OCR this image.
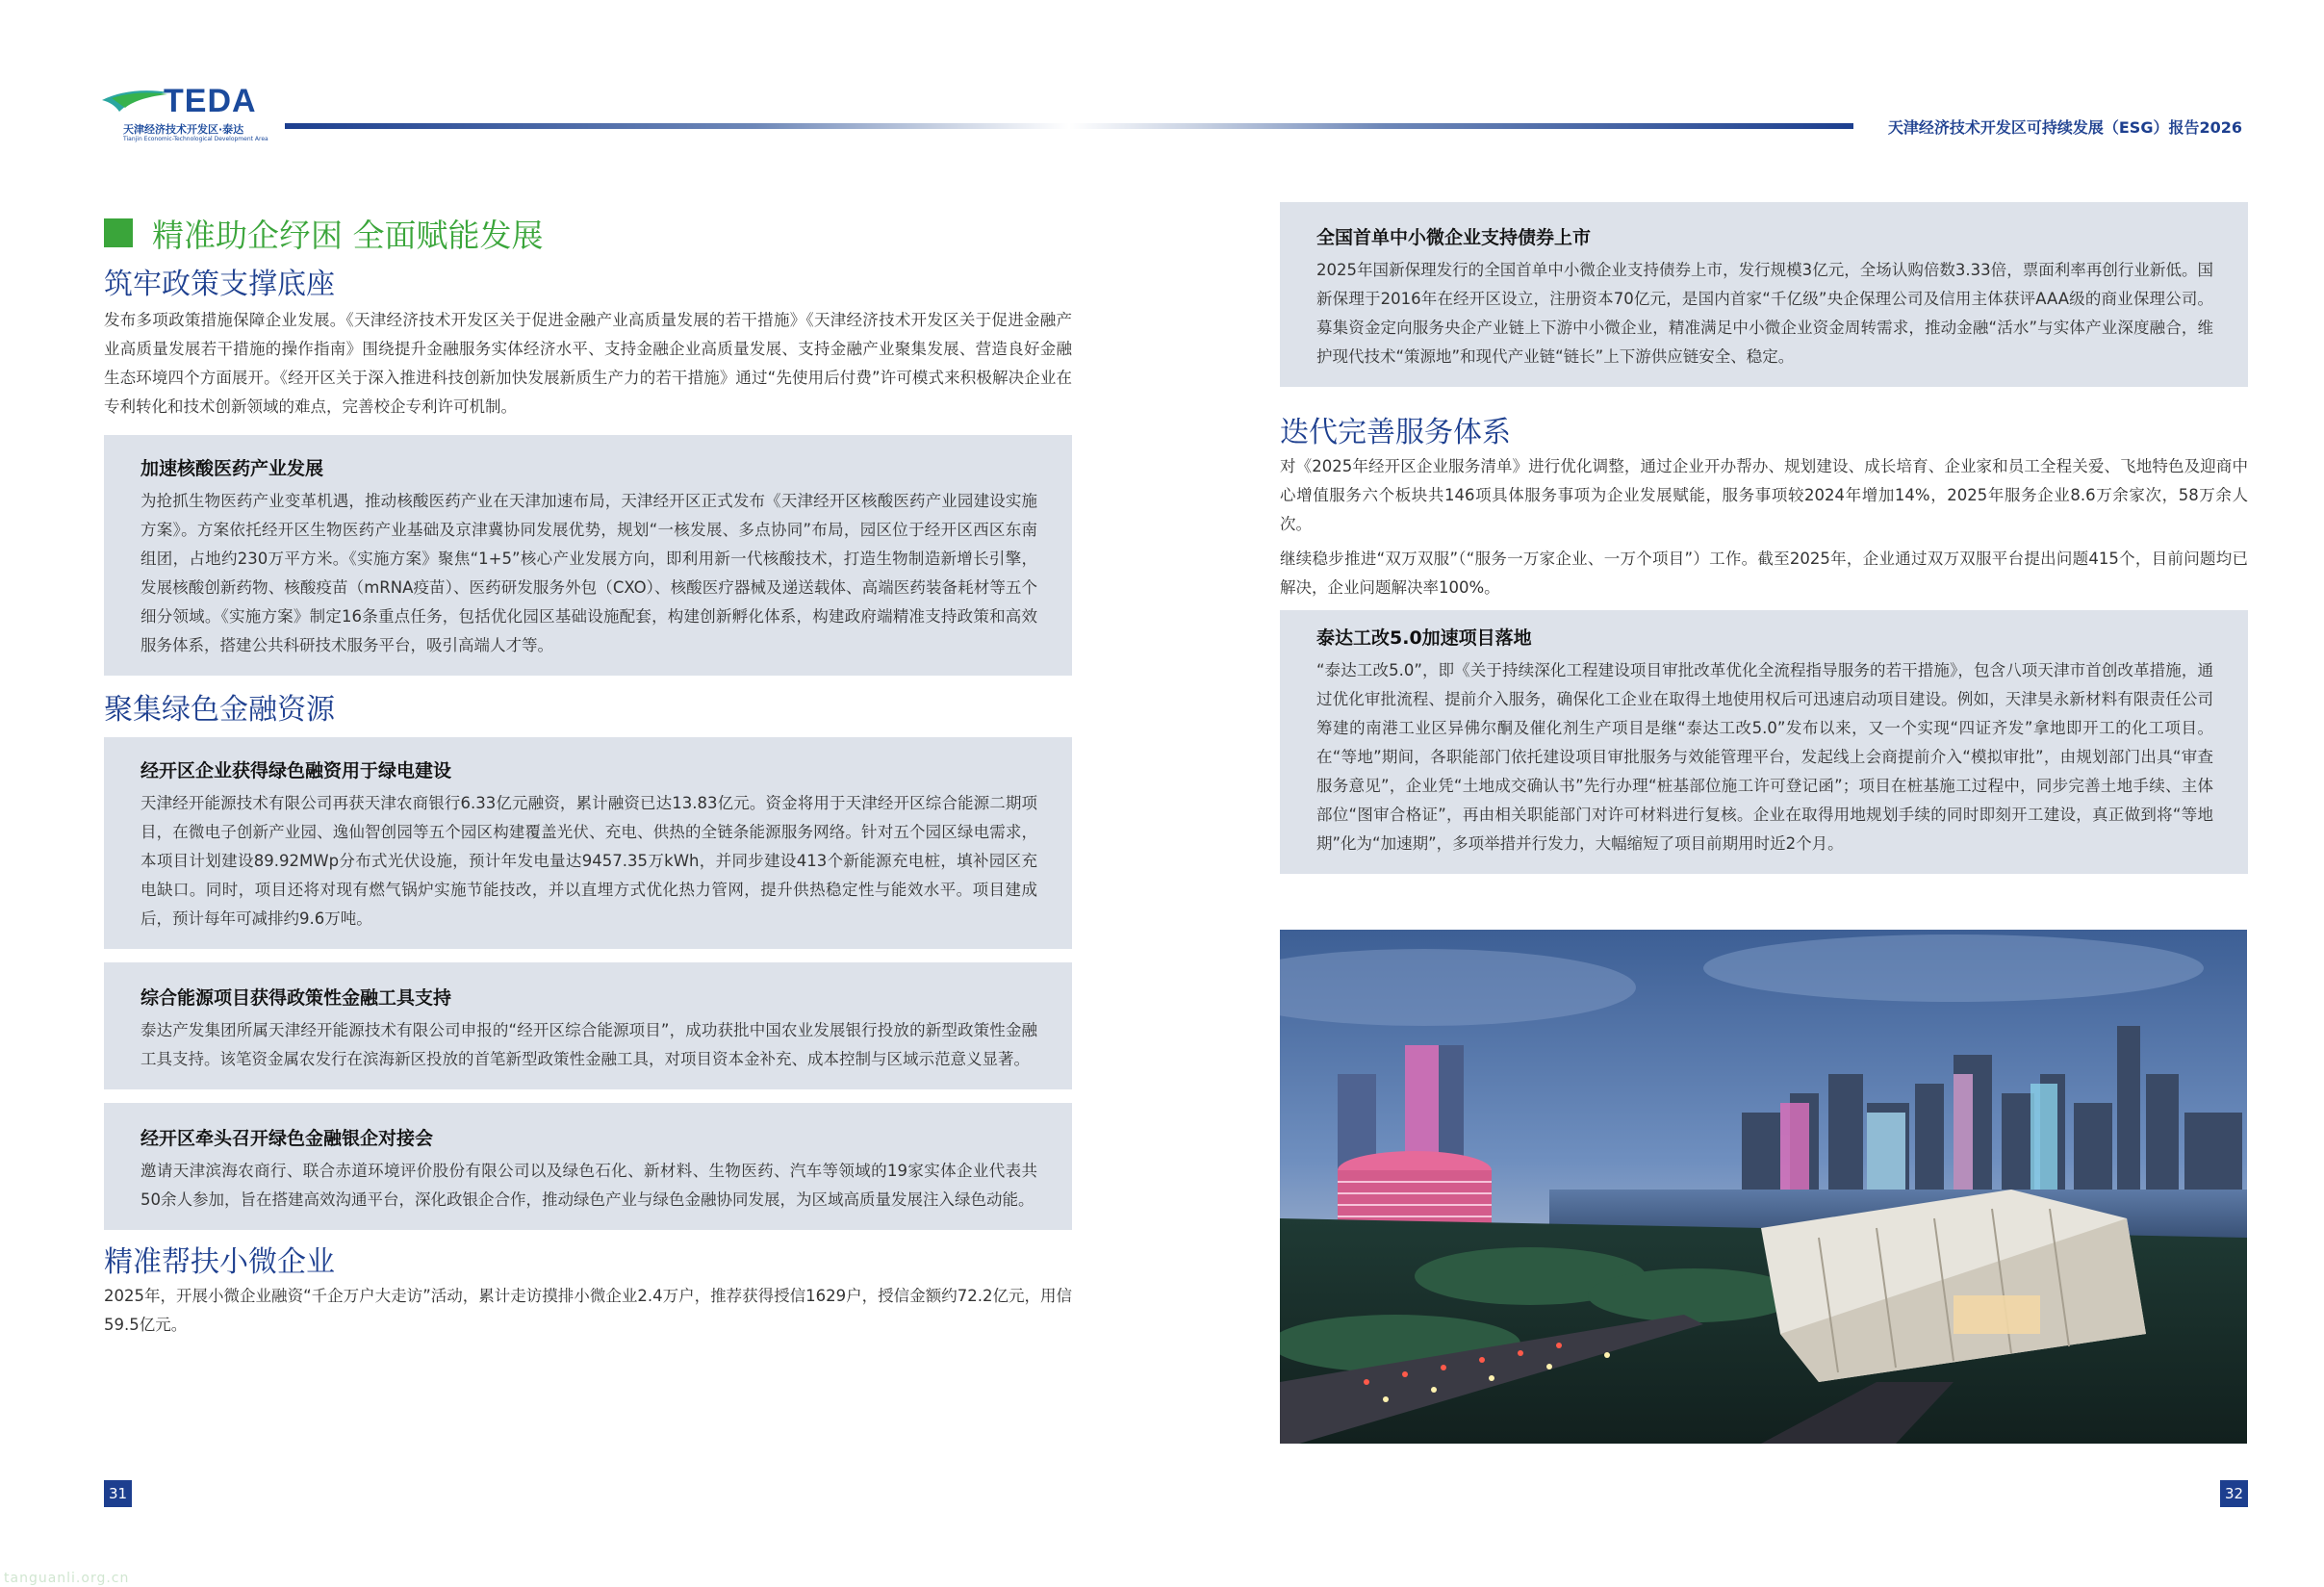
TEDA
天津经济技术开发区·泰达
Tianjin Economic-Technological Development Area
天津经济技术开发区可持续发展（ESG）报告2026
精准助企纾困 全面赋能发展
筑牢政策支撑底座
发布多项政策措施保障企业发展。《天津经济技术开发区关于促进金融产业高质量发展的若干措施》《天津经济技术开发区关于促进金融产业高质量发展若干措施的操作指南》围绕提升金融服务实体经济水平、支持金融企业高质量发展、支持金融产业聚集发展、营造良好金融生态环境四个方面展开。《经开区关于深入推进科技创新加快发展新质生产力的若干措施》通过“先使用后付费”许可模式来积极解决企业在专利转化和技术创新领域的难点，完善校企专利许可机制。
加速核酸医药产业发展
为抢抓生物医药产业变革机遇，推动核酸医药产业在天津加速布局，天津经开区正式发布《天津经开区核酸医药产业园建设实施方案》。方案依托经开区生物医药产业基础及京津冀协同发展优势，规划“一核发展、多点协同”布局，园区位于经开区西区东南组团，占地约230万平方米。《实施方案》聚焦“1+5”核心产业发展方向，即利用新一代核酸技术，打造生物制造新增长引擎，发展核酸创新药物、核酸疫苗（mRNA疫苗）、医药研发服务外包（CXO）、核酸医疗器械及递送载体、高端医药装备耗材等五个细分领域。《实施方案》制定16条重点任务，包括优化园区基础设施配套，构建创新孵化体系，构建政府端精准支持政策和高效服务体系，搭建公共科研技术服务平台，吸引高端人才等。
聚集绿色金融资源
经开区企业获得绿色融资用于绿电建设
天津经开能源技术有限公司再获天津农商银行6.33亿元融资，累计融资已达13.83亿元。资金将用于天津经开区综合能源二期项目，在微电子创新产业园、逸仙智创园等五个园区构建覆盖光伏、充电、供热的全链条能源服务网络。针对五个园区绿电需求，本项目计划建设89.92MWp分布式光伏设施，预计年发电量达9457.35万kWh，并同步建设413个新能源充电桩，填补园区充电缺口。同时，项目还将对现有燃气锅炉实施节能技改，并以直埋方式优化热力管网，提升供热稳定性与能效水平。项目建成后，预计每年可减排约9.6万吨。
综合能源项目获得政策性金融工具支持
泰达产发集团所属天津经开能源技术有限公司申报的“经开区综合能源项目”，成功获批中国农业发展银行投放的新型政策性金融工具支持。该笔资金属农发行在滨海新区投放的首笔新型政策性金融工具，对项目资本金补充、成本控制与区域示范意义显著。
经开区牵头召开绿色金融银企对接会
邀请天津滨海农商行、联合赤道环境评价股份有限公司以及绿色石化、新材料、生物医药、汽车等领域的19家实体企业代表共50余人参加，旨在搭建高效沟通平台，深化政银企合作，推动绿色产业与绿色金融协同发展，为区域高质量发展注入绿色动能。
精准帮扶小微企业
2025年，开展小微企业融资“千企万户大走访”活动，累计走访摸排小微企业2.4万户，推荐获得授信1629户，授信金额约72.2亿元，用信59.5亿元。
31
全国首单中小微企业支持债券上市
2025年国新保理发行的全国首单中小微企业支持债券上市，发行规模3亿元，全场认购倍数3.33倍，票面利率再创行业新低。国新保理于2016年在经开区设立，注册资本70亿元，是国内首家“千亿级”央企保理公司及信用主体获评AAA级的商业保理公司。募集资金定向服务央企产业链上下游中小微企业，精准满足中小微企业资金周转需求，推动金融“活水”与实体产业深度融合，维护现代技术“策源地”和现代产业链“链长”上下游供应链安全、稳定。
迭代完善服务体系
对《2025年经开区企业服务清单》进行优化调整，通过企业开办帮办、规划建设、成长培育、企业家和员工全程关爱、飞地特色及迎商中心增值服务六个板块共146项具体服务事项为企业发展赋能，服务事项较2024年增加14%，2025年服务企业8.6万余家次，58万余人次。
继续稳步推进“双万双服”（“服务一万家企业、一万个项目”）工作。截至2025年，企业通过双万双服平台提出问题415个，目前问题均已解决，企业问题解决率100%。
泰达工改5.0加速项目落地
“泰达工改5.0”，即《关于持续深化工程建设项目审批改革优化全流程指导服务的若干措施》，包含八项天津市首创改革措施，通过优化审批流程、提前介入服务，确保化工企业在取得土地使用权后可迅速启动项目建设。例如，天津昊永新材料有限责任公司筹建的南港工业区异佛尔酮及催化剂生产项目是继“泰达工改5.0”发布以来，又一个实现“四证齐发”拿地即开工的化工项目。在“等地”期间，各职能部门依托建设项目审批服务与效能管理平台，发起线上会商提前介入“模拟审批”，由规划部门出具“审查服务意见”，企业凭“土地成交确认书”先行办理“桩基部位施工许可登记函”；项目在桩基施工过程中，同步完善土地手续、主体部位“图审合格证”，再由相关职能部门对许可材料进行复核。企业在取得用地规划手续的同时即刻开工建设，真正做到将“等地期”化为“加速期”，多项举措并行发力，大幅缩短了项目前期用时近2个月。
32
tanguanli.org.cn
